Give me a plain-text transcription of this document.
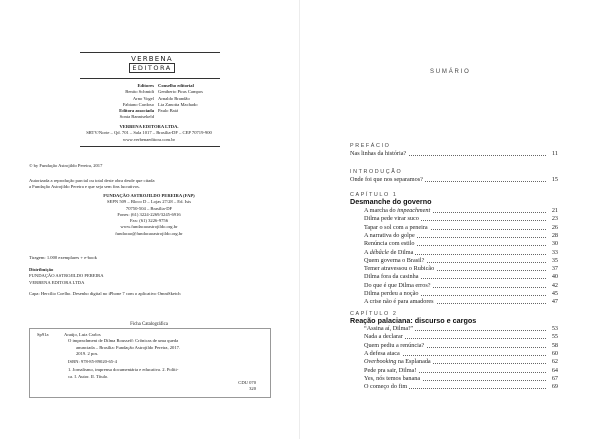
VERBENA
EDITORA
Editores
Benito Schmidt
Arno Vogel
Fabiano Cardoso
Editora associada
Sonia Bannisekeld
Conselho editorial
Gentberto Piras Campos
Arnaldo Brandão
Lia Zanotta Machado
Paulo Baiá
VERBENA EDITORA LTDA.
SRTV/Norte – Qd. 701 – Sala 1017 – Brasília-DF – CEP 70719-900
www.verbenaeditora.com.br
© by Fundação Astrojildo Pereira, 2017
Autorizada a reprodução parcial ou total deste obra desde que citada
a Fundação Astrojildo Pereira e que seja sem fins lucrativos.
FUNDAÇÃO ASTROJILDO PEREIRA (FAP)
SEPN 509 – Bloco D – Lojas 27/28 – Ed. Isis
70750-504 – Brasília-DF
Fones: (61) 3224-2269/3245-6916
Fax: (61) 3226-9756
www.fundacaoastrojildo.org.br
fundacao@fundacaoastrojildo.org.br
Tiragem: 1.000 exemplares + e-book
Distribuição
FUNDAÇÃO ASTROJILDO PEREIRA
VERBENA EDITORA LTDA
Capa: Hercílio Coelho. Desenho digital no iPhone 7 com o aplicativo OmniSketch
Ficha Catalográfica
Sp91a	Araújo, Luiz Carlos
O impeachment de Dilma Rousseff: Crônicas de uma queda
anunciada – Brasília: Fundação Astrojildo Pereira, 2017.
2019. 2 pos.
ISBN: 978-85-89020-65-4
1. Jornalismo, imprensa documentária e educativa. 2. Políti-
ca. I. Autor. II. Título.
CDU 070
320
SUMÁRIO
PREFÁCIO
Nas linhas da história?	11
INTRODUÇÃO
Onde foi que nos separamos?	15
CAPÍTULO 1
Desmanche do governo
A marcha do impeachment	21
Dilma pede virar suco	23
Tapar o sol com a peneira	26
A narrativa do golpe	28
Renúncia com estilo	30
A débâcle de Dilma	33
Quem governa o Brasil?	35
Temer atravessou o Rubicão	37
Dilma fora da casinha	40
Do que é que Dilma erros?	42
Dilma perdeu a noção	45
A crise não é para amadores	47
CAPÍTULO 2
Reação palaciana: discurso e cargos
“Assina aí, Dilma!”	53
Nada a declarar	55
Quem pediu a renúncia?	58
A defesa ataca	60
Overbooking na Esplanada	62
Pede pra sair, Dilma!	64
Yes, nós temos banana	67
O começo do fim	69
